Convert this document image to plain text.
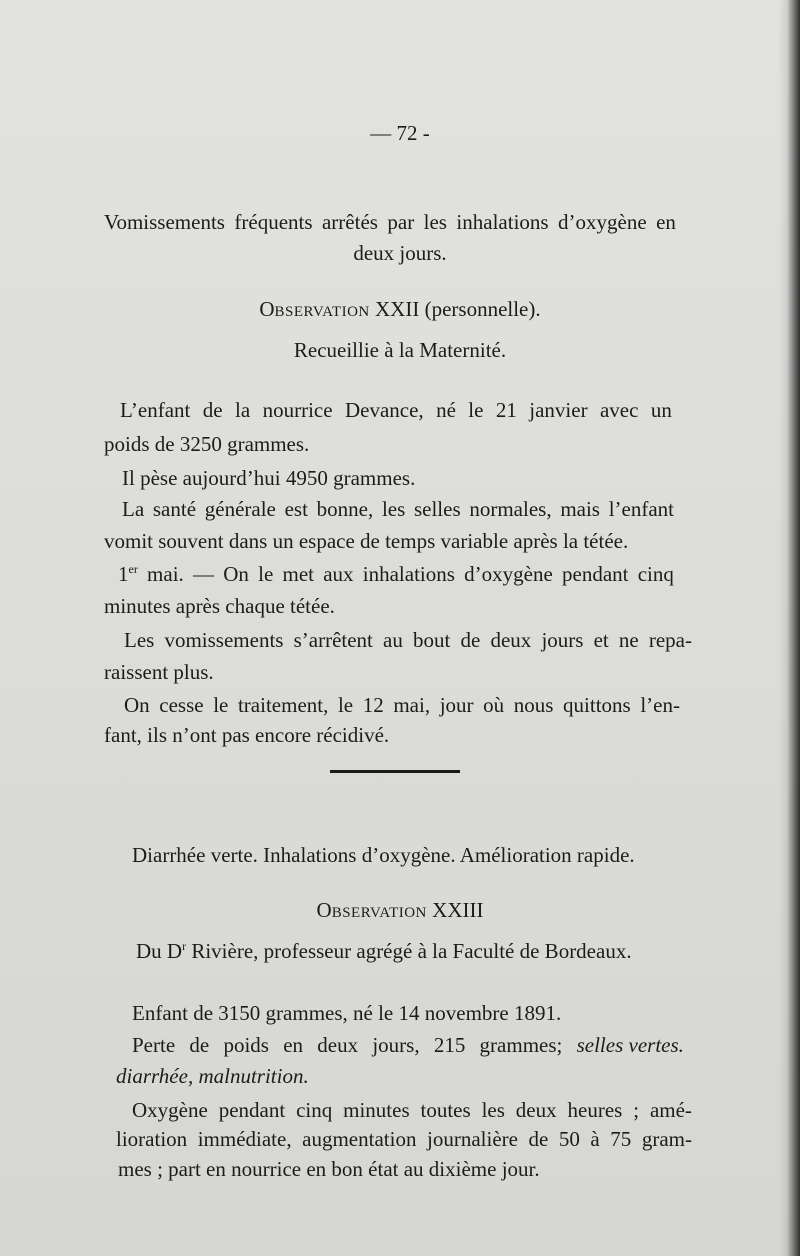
— 72 -
Vomissements fréquents arrêtés par les inhalations d’oxygène en
deux jours.
OBSERVATION XXII (personnelle).
Recueillie à la Maternité.
L’enfant de la nourrice Devance, né le 21 janvier avec un
poids de 3250 grammes.
Il pèse aujourd’hui 4950 grammes.
La santé générale est bonne, les selles normales, mais l’enfant
vomit souvent dans un espace de temps variable après la tétée.
1er mai. — On le met aux inhalations d’oxygène pendant cinq
minutes après chaque tétée.
Les vomissements s’arrêtent au bout de deux jours et ne repa-
raissent plus.
On cesse le traitement, le 12 mai, jour où nous quittons l’en-
fant, ils n’ont pas encore récidivé.
Diarrhée verte. Inhalations d’oxygène. Amélioration rapide.
OBSERVATION XXIII
Du $D^r$ Rivière, professeur agrégé à la Faculté de Bordeaux.
Enfant de 3150 grammes, né le 14 novembre 1891.
Perte de poids en deux jours, 215 grammes; selles vertes.
diarrhée, malnutrition.
Oxygène pendant cinq minutes toutes les deux heures ; amé-
lioration immédiate, augmentation journalière de 50 à 75 gram-
mes ; part en nourrice en bon état au dixième jour.
